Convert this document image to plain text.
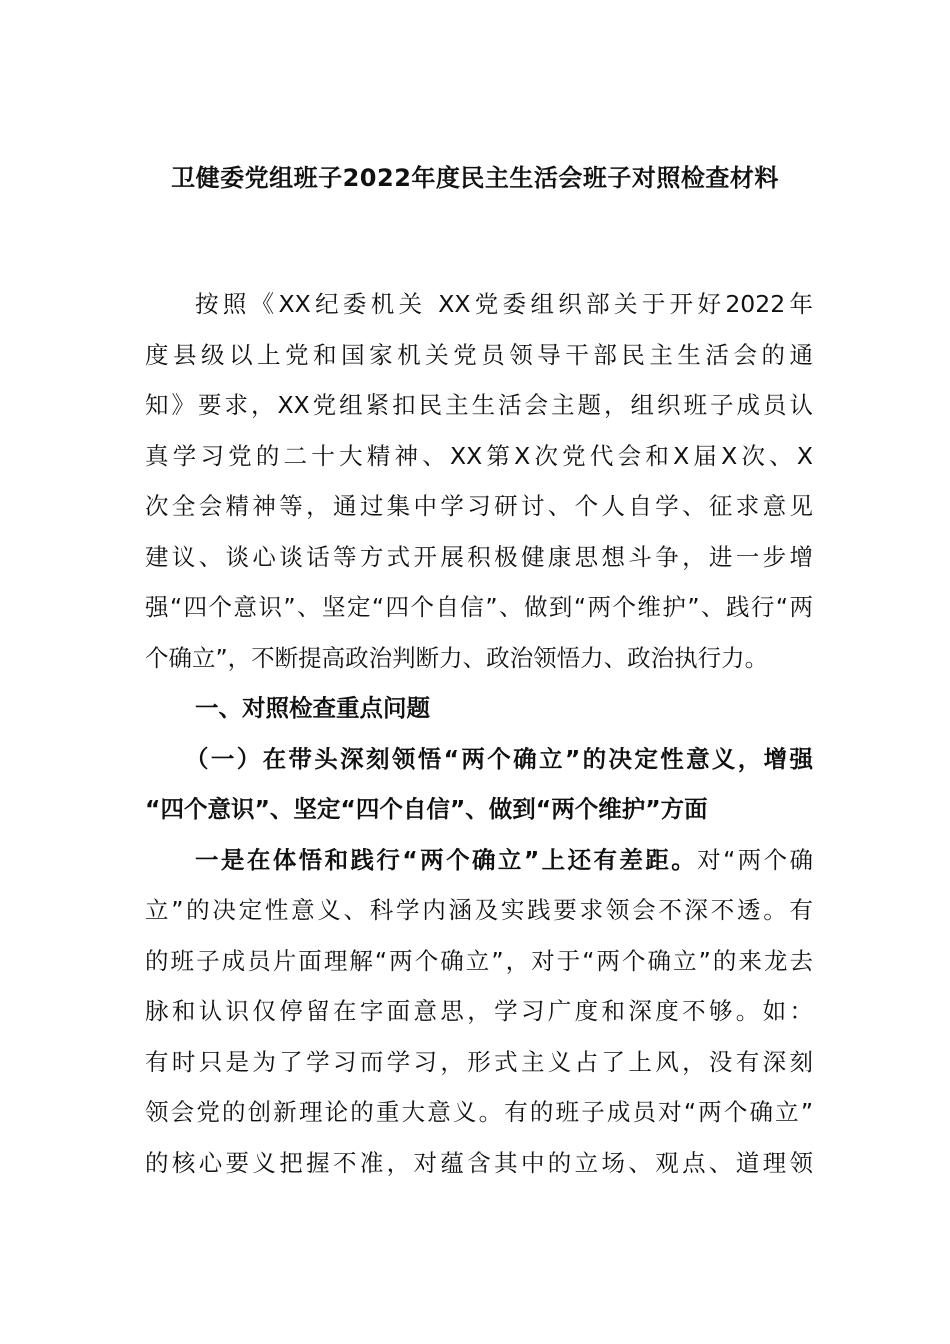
卫健委党组班子2022年度民主生活会班子对照检查材料
按照《XX纪委机关 XX党委组织部关于开好2022年
度县级以上党和国家机关党员领导干部民主生活会的通
知》要求，XX党组紧扣民主生活会主题，组织班子成员认
真学习党的二十大精神、XX第X次党代会和X届X次、X
次全会精神等，通过集中学习研讨、个人自学、征求意见
建议、谈心谈话等方式开展积极健康思想斗争，进一步增
强“四个意识”、坚定“四个自信”、做到“两个维护”、践行“两
个确立”，不断提高政治判断力、政治领悟力、政治执行力。
一、对照检查重点问题
（一）在带头深刻领悟“两个确立”的决定性意义，增强
“四个意识”、坚定“四个自信”、做到“两个维护”方面
一是在体悟和践行“两个确立”上还有差距。对“两个确
立”的决定性意义、科学内涵及实践要求领会不深不透。有
的班子成员片面理解“两个确立”，对于“两个确立”的来龙去
脉和认识仅停留在字面意思，学习广度和深度不够。如：
有时只是为了学习而学习，形式主义占了上风，没有深刻
领会党的创新理论的重大意义。有的班子成员对“两个确立”
的核心要义把握不准，对蕴含其中的立场、观点、道理领
